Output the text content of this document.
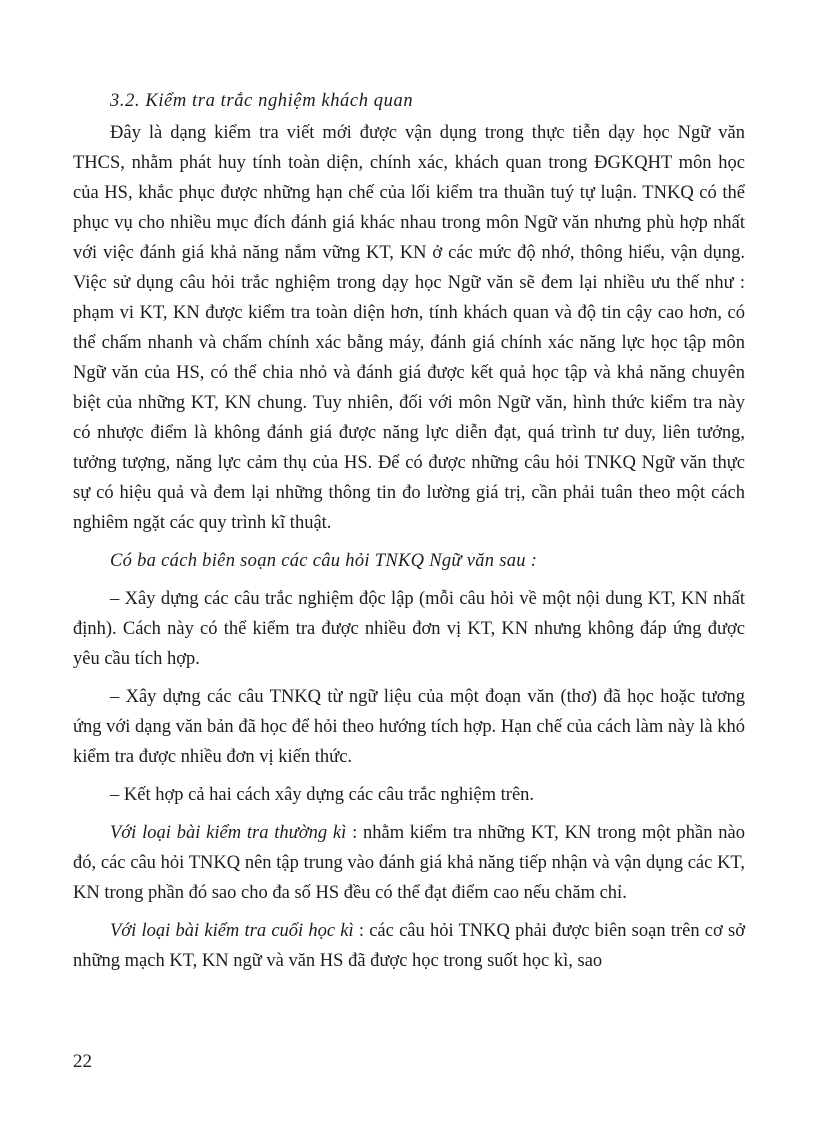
3.2. Kiểm tra trắc nghiệm khách quan

Đây là dạng kiểm tra viết mới được vận dụng trong thực tiễn dạy học Ngữ văn THCS, nhằm phát huy tính toàn diện, chính xác, khách quan trong ĐGKQHT môn học của HS, khắc phục được những hạn chế của lối kiểm tra thuần tuý tự luận. TNKQ có thể phục vụ cho nhiều mục đích đánh giá khác nhau trong môn Ngữ văn nhưng phù hợp nhất với việc đánh giá khả năng nắm vững KT, KN ở các mức độ nhớ, thông hiểu, vận dụng. Việc sử dụng câu hỏi trắc nghiệm trong dạy học Ngữ văn sẽ đem lại nhiều ưu thế như : phạm vi KT, KN được kiểm tra toàn diện hơn, tính khách quan và độ tin cậy cao hơn, có thể chấm nhanh và chấm chính xác bằng máy, đánh giá chính xác năng lực học tập môn Ngữ văn của HS, có thể chia nhỏ và đánh giá được kết quả học tập và khả năng chuyên biệt của những KT, KN chung. Tuy nhiên, đối với môn Ngữ văn, hình thức kiểm tra này có nhược điểm là không đánh giá được năng lực diễn đạt, quá trình tư duy, liên tưởng, tưởng tượng, năng lực cảm thụ của HS. Để có được những câu hỏi TNKQ Ngữ văn thực sự có hiệu quả và đem lại những thông tin đo lường giá trị, cần phải tuân theo một cách nghiêm ngặt các quy trình kĩ thuật.

Có ba cách biên soạn các câu hỏi TNKQ Ngữ văn sau :

– Xây dựng các câu trắc nghiệm độc lập (mỗi câu hỏi về một nội dung KT, KN nhất định). Cách này có thể kiểm tra được nhiều đơn vị KT, KN nhưng không đáp ứng được yêu cầu tích hợp.

– Xây dựng các câu TNKQ từ ngữ liệu của một đoạn văn (thơ) đã học hoặc tương ứng với dạng văn bản đã học để hỏi theo hướng tích hợp. Hạn chế của cách làm này là khó kiểm tra được nhiều đơn vị kiến thức.

– Kết hợp cả hai cách xây dựng các câu trắc nghiệm trên.

Với loại bài kiểm tra thường kì : nhằm kiểm tra những KT, KN trong một phần nào đó, các câu hỏi TNKQ nên tập trung vào đánh giá khả năng tiếp nhận và vận dụng các KT, KN trong phần đó sao cho đa số HS đều có thể đạt điểm cao nếu chăm chỉ.

Với loại bài kiểm tra cuối học kì : các câu hỏi TNKQ phải được biên soạn trên cơ sở những mạch KT, KN ngữ và văn HS đã được học trong suốt học kì, sao

22
